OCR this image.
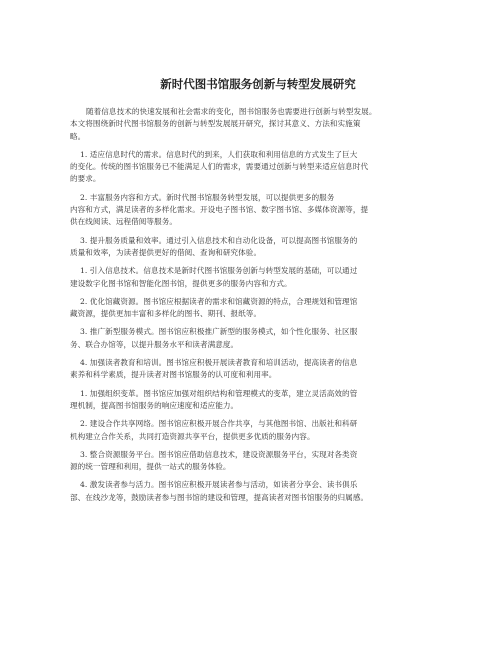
新时代图书馆服务创新与转型发展研究

随着信息技术的快速发展和社会需求的变化，图书馆服务也需要进行创新与转型发展。
本文将围绕新时代图书馆服务的创新与转型发展展开研究，探讨其意义、方法和实施策
略。

1. 适应信息时代的需求。信息时代的到来，人们获取和利用信息的方式发生了巨大
的变化。传统的图书馆服务已不能满足人们的需求，需要通过创新与转型来适应信息时代
的要求。

2. 丰富服务内容和方式。新时代图书馆服务转型发展，可以提供更多的服务
内容和方式，满足读者的多样化需求。开设电子图书馆、数字图书馆、多媒体资源等，提
供在线阅读、远程借阅等服务。

3. 提升服务质量和效率。通过引入信息技术和自动化设备，可以提高图书馆服务的
质量和效率，为读者提供更好的借阅、查询和研究体验。

1. 引入信息技术。信息技术是新时代图书馆服务创新与转型发展的基础，可以通过
建设数字化图书馆和智能化图书馆，提供更多的服务内容和方式。

2. 优化馆藏资源。图书馆应根据读者的需求和馆藏资源的特点，合理规划和管理馆
藏资源，提供更加丰富和多样化的图书、期刊、报纸等。

3. 推广新型服务模式。图书馆应积极推广新型的服务模式，如个性化服务、社区服
务、联合办馆等，以提升服务水平和读者满意度。

4. 加强读者教育和培训。图书馆应积极开展读者教育和培训活动，提高读者的信息
素养和科学素质，提升读者对图书馆服务的认可度和利用率。

1. 加强组织变革。图书馆应加强对组织结构和管理模式的变革，建立灵活高效的管
理机制，提高图书馆服务的响应速度和适应能力。

2. 建设合作共享网络。图书馆应积极开展合作共享，与其他图书馆、出版社和科研
机构建立合作关系，共同打造资源共享平台，提供更多优质的服务内容。

3. 整合资源服务平台。图书馆应借助信息技术，建设资源服务平台，实现对各类资
源的统一管理和利用，提供一站式的服务体验。

4. 激发读者参与活力。图书馆应积极开展读者参与活动，如读者分享会、读书俱乐
部、在线沙龙等，鼓励读者参与图书馆的建设和管理，提高读者对图书馆服务的归属感。
